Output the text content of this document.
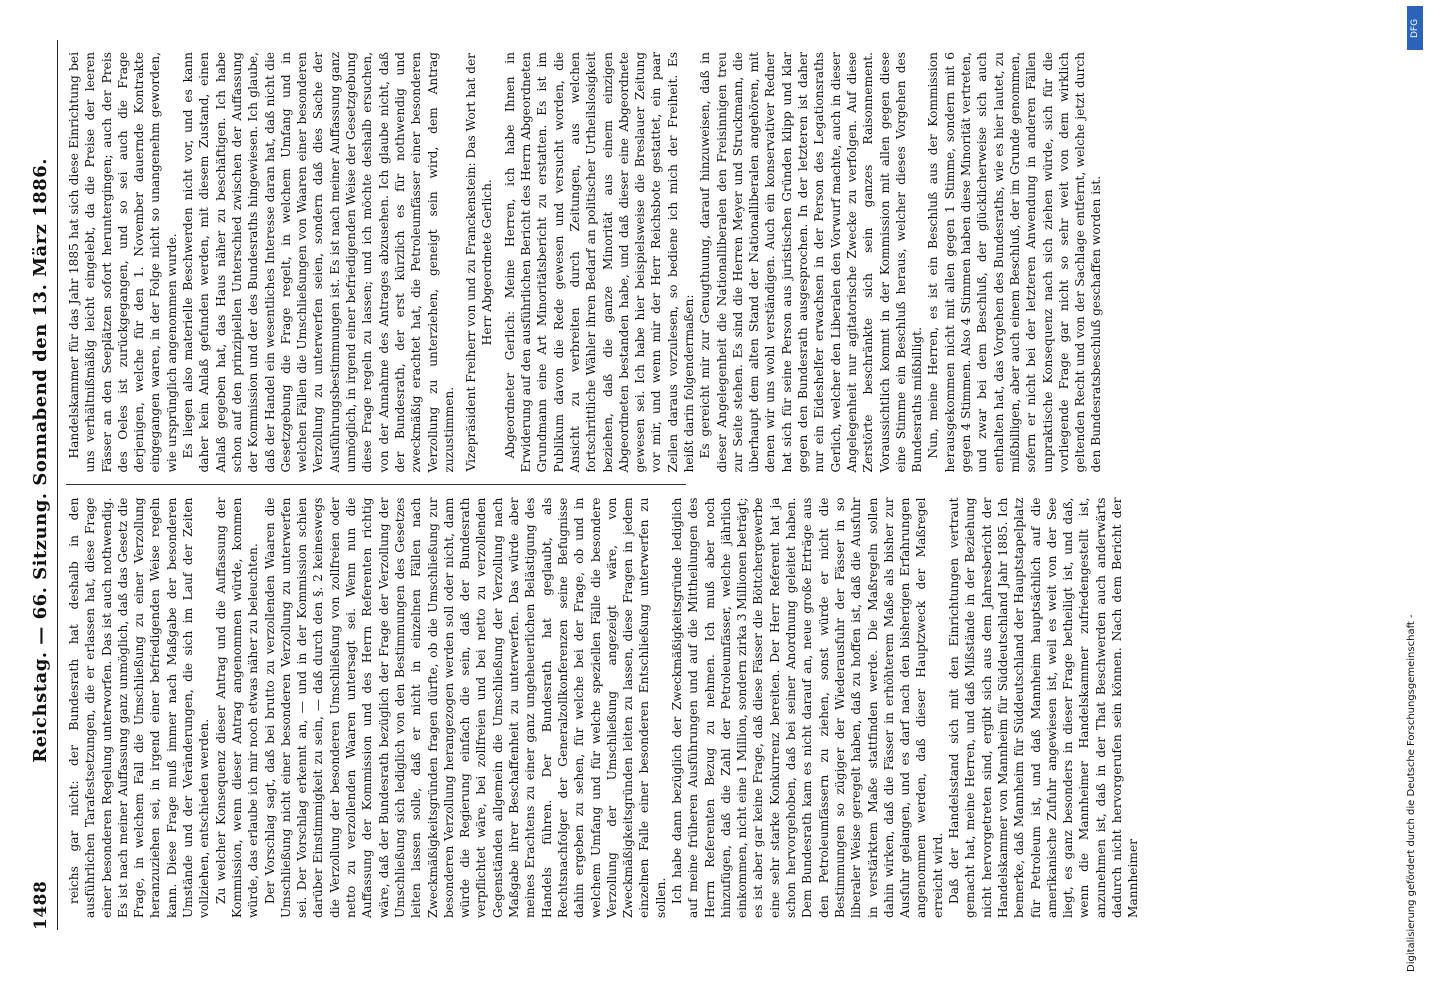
1488
Reichstag. — 66. Sitzung. Sonnabend den 13. März 1886. reichs gar nicht: der Bundesrath hat deshalb in den ausführlichen Tarafestsetzungen, die er erlassen hat, diese Frage einer besonderen Regelung unterworfen. Das ist auch nothwendig. Es ist nach meiner Auffassung ganz unmöglich, daß das Gesetz die Frage, in welchem Fall die Umschließung zu einer Verzollung heranzuziehen sei, in irgend einer befriedigenden Weise regeln kann. Diese Frage muß immer nach Maßgabe der besonderen Umstände und der Veränderungen, die sich im Lauf der Zeiten vollziehen, entschieden werden. Zu welcher Konsequenz dieser Antrag und die Auffassung der Kommission, wenn dieser Antrag angenommen würde, kommen würde, das erlaube ich mir noch etwas näher zu beleuchten. Der Vorschlag sagt, daß bei brutto zu verzollenden Waaren die Umschließung nicht einer besonderen Verzollung zu unterwerfen sei. Der Vorschlag erkennt an, — und in der Kommission schien darüber Einstimmigkeit zu sein, — daß durch den §. 2 keineswegs die Verzollung der besonderen Umschließung von zollfreien oder netto zu verzollenden Waaren untersagt sei. Wenn nun die Auffassung der Kommission und des Herrn Referenten richtig wäre, daß der Bundesrath bezüglich der Frage der Verzollung der Umschließung sich lediglich von den Bestimmungen des Gesetzes leiten lassen solle, daß er nicht in einzelnen Fällen nach Zweckmäßigkeitsgründen fragen dürfte, ob die Umschließung zur besonderen Verzollung herangezogen werden soll oder nicht, dann würde die Regierung einfach die sein, daß der Bundesrath verpflichtet wäre, bei zollfreien und bei netto zu verzollenden Gegenständen allgemein die Umschließung der Verzollung nach Maßgabe ihrer Beschaffenheit zu unterwerfen. Das würde aber meines Erachtens zu einer ganz ungeheuerlichen Belästigung des Handels führen. Der Bundesrath hat geglaubt, als Rechtsnachfolger der Generalzollkonferenzen seine Befugnisse dahin ergeben zu sehen, für welche bei der Frage, ob und in welchem Umfang und für welche speziellen Fälle die besondere Verzollung der Umschließung angezeigt wäre, von Zweckmäßigkeitsgründen leiten zu lassen, diese Fragen in jedem einzelnen Falle einer besonderen Entschließung unterwerfen zu sollen. Ich habe dann bezüglich der Zweckmäßigkeitsgründe lediglich auf meine früheren Ausführungen und auf die Mittheilungen des Herrn Referenten Bezug zu nehmen. Ich muß aber noch hinzufügen, daß die Zahl der Petroleumfässer, welche jährlich einkommen, nicht eine 1 Million, sondern zirka 3 Millionen beträgt; es ist aber gar keine Frage, daß diese Fässer die Böttchergewerbe eine sehr starke Konkurrenz bereiten. Der Herr Referent hat ja schon hervorgehoben, daß bei seiner Anordnung geleitet haben. Dem Bundesrath kam es nicht darauf an, neue große Erträge aus den Petroleumfässern zu ziehen, sonst würde er nicht die Bestimmungen so zügiger der Wiederausfuhr der Fässer in so liberaler Weise geregelt haben, daß zu hoffen ist, daß die Ausfuhr in verstärktem Maße stattfinden werde. Die Maßregeln sollen dahin wirken, daß die Fässer in erhöhterem Maße als bisher zur Ausfuhr gelangen, und es darf nach den bisherigen Erfahrungen angenommen werden, daß dieser Hauptzweck der Maßregel erreicht wird. Daß der Handelsstand sich mit den Einrichtungen vertraut gemacht hat, meine Herren, und daß Mißstände in der Beziehung nicht hervorgetreten sind, ergibt sich aus dem Jahresbericht der Handelskammer von Mannheim für Süddeutschland Jahr 1885. Ich bemerke, daß Mannheim für Süddeutschland der Hauptstapelplatz für Petroleum ist, und daß Mannheim hauptsächlich auf die amerikanische Zufuhr angewiesen ist, weil es weit von der See liegt, es ganz besonders in dieser Frage betheiligt ist, und daß, wenn die Mannheimer Handelskammer zufriedengestellt ist, anzunehmen ist, daß in der That Beschwerden auch anderwärts dadurch nicht hervorgerufen sein können. Nach dem Bericht der Mannheimer

Handelskammer für das Jahr 1885 hat sich diese Einrichtung bei uns verhältnißmäßig leicht eingelebt, da die Preise der leeren Fässer an den Seeplätzen sofort heruntergingen; auch der Preis des Oeles ist zurückgegangen, und so sei auch die Frage derjenigen, welche für den 1. November dauernde Kontrakte eingegangen waren, in der Folge nicht so unangenehm geworden, wie ursprünglich angenommen wurde. Es liegen also materielle Beschwerden nicht vor, und es kann daher kein Anlaß gefunden werden, mit diesem Zustand, einen Anlaß gegeben hat, das Haus näher zu beschäftigen. Ich habe schon auf den prinzipiellen Unterschied zwischen der Auffassung der Kommission und der des Bundesraths hingewiesen. Ich glaube, daß der Handel ein wesentliches Interesse daran hat, daß nicht die Gesetzgebung die Frage regelt, in welchem Umfang und in welchen Fällen die Umschließungen von Waaren einer besonderen Verzollung zu unterwerfen seien, sondern daß dies Sache der Ausführungsbestimmungen ist. Es ist nach meiner Auffassung ganz unmöglich, in irgend einer befriedigenden Weise der Gesetzgebung diese Frage regeln zu lassen; und ich möchte deshalb ersuchen, von der Annahme des Antrages abzusehen. Ich glaube nicht, daß der Bundesrath, der erst kürzlich es für nothwendig und zweckmäßig erachtet hat, die Petroleumfässer einer besonderen Verzollung zu unterziehen, geneigt sein wird, dem Antrag zuzustimmen. Vizepräsident Freiherr von und zu Franckenstein: Das Wort hat der Herr Abgeordnete Gerlich. Abgeordneter Gerlich: Meine Herren, ich habe Ihnen in Erwiderung auf den ausführlichen Bericht des Herrn Abgeordneten Grundmann eine Art Minoritätsbericht zu erstatten. Es ist im Publikum davon die Rede gewesen und versucht worden, die Ansicht zu verbreiten durch Zeitungen, aus welchen fortschrittliche Wähler ihren Bedarf an politischer Urtheilslosigkeit beziehen, daß die ganze Minorität aus einem einzigen Abgeordneten bestanden habe, und daß dieser eine Abgeordnete gewesen sei. Ich habe hier beispielsweise die Breslauer Zeitung vor mir, und wenn mir der Herr Reichsbote gestattet, ein paar Zeilen daraus vorzulesen, so bediene ich mich der Freiheit. Es heißt darin folgendermaßen: Es gereicht mir zur Genugthuung, darauf hinzuweisen, daß in dieser Angelegenheit die Nationalliberalen den Freisinnigen treu zur Seite stehen. Es sind die Herren Meyer und Struckmann, die überhaupt dem alten Stand der Nationalliberalen angehören, mit denen wir uns wohl verständigen. Auch ein konservativer Redner hat sich für seine Person aus juristischen Gründen klipp und klar gegen den Bundesrath ausgesprochen. In der letzteren ist daher nur ein Eideshelfer erwachsen in der Person des Legationsraths Gerlich, welcher den Liberalen den Vorwurf machte, auch in dieser Angelegenheit nur agitatorische Zwecke zu verfolgen. Auf diese Zerstörte beschränkte sich sein ganzes Raisonnement. Voraussichtlich kommt in der Kommission mit allen gegen diese eine Stimme ein Beschluß heraus, welcher dieses Vorgehen des Bundesraths mißbilligt. Nun, meine Herren, es ist ein Beschluß aus der Kommission herausgekommen nicht mit allen gegen 1 Stimme, sondern mit 6 gegen 4 Stimmen. Also 4 Stimmen haben diese Minorität vertreten, und zwar bei dem Beschluß, der glücklicherweise sich auch enthalten hat, das Vorgehen des Bundesraths, wie es hier lautet, zu mißbilligen, aber auch einem Beschluß, der im Grunde genommen, sofern er nicht bei der letzteren Anwendung in anderen Fällen unpraktische Konsequenz nach sich ziehen würde, sich für die vorliegende Frage gar nicht so sehr weit von dem wirklich geltenden Recht und von der Sachlage entfernt, welche jetzt durch den Bundesratsbeschluß geschaffen worden ist.

Digitalisierung gefördert durch die Deutsche Forschungsgemeinschaft -
DFG
